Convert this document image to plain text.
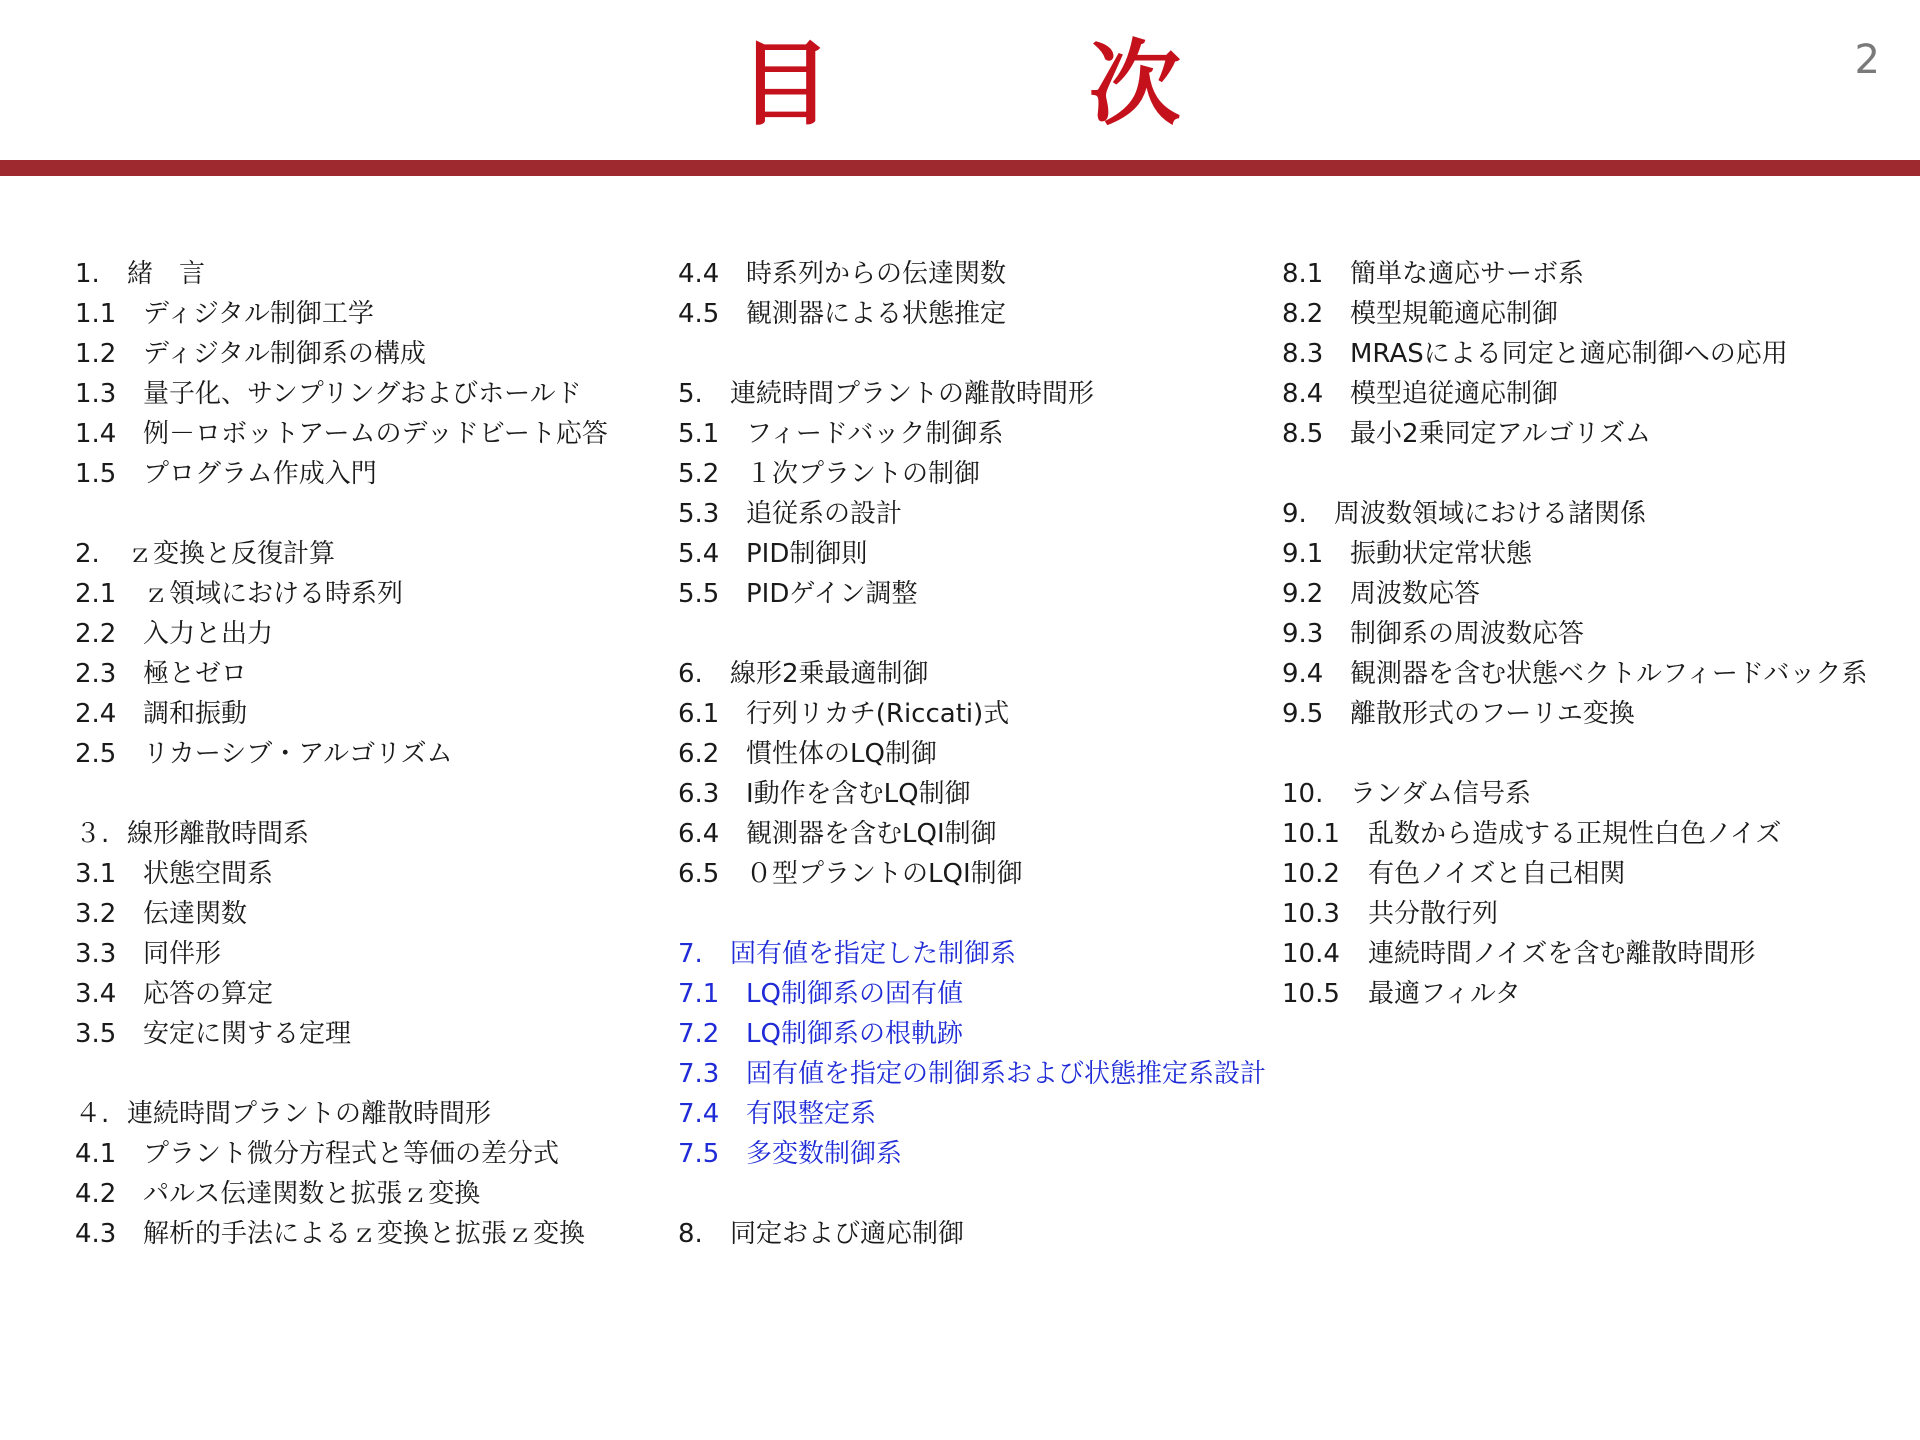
目　次	2
1.	緒　言
1.1	ディジタル制御工学
1.2	ディジタル制御系の構成
1.3	量子化、サンプリングおよびホールド
1.4	例－ロボットアームのデッドビート応答
1.5	プログラム作成入門
2.	ｚ変換と反復計算
2.1	ｚ領域における時系列
2.2	入力と出力
2.3	極とゼロ
2.4	調和振動
2.5	リカーシブ・アルゴリズム
３. 線形離散時間系
3.1	状態空間系
3.2	伝達関数
3.3	同伴形
3.4	応答の算定
3.5	安定に関する定理
４. 連続時間プラントの離散時間形
4.1	プラント微分方程式と等価の差分式
4.2	パルス伝達関数と拡張ｚ変換
4.3	解析的手法によるｚ変換と拡張ｚ変換
4.4	時系列からの伝達関数
4.5	観測器による状態推定
5.	連続時間プラントの離散時間形
5.1	フィードバック制御系
5.2	１次プラントの制御
5.3	追従系の設計
5.4	PID制御則
5.5	PIDゲイン調整
6.	線形2乗最適制御
6.1	行列リカチ(Riccati)式
6.2	慣性体のLQ制御
6.3	I動作を含むLQ制御
6.4	観測器を含むLQI制御
6.5	０型プラントのLQI制御
7.	固有値を指定した制御系
7.1	LQ制御系の固有値
7.2	LQ制御系の根軌跡
7.3	固有値を指定の制御系および状態推定系設計
7.4	有限整定系
7.5	多変数制御系
8.	同定および適応制御
8.1	簡単な適応サーボ系
8.2	模型規範適応制御
8.3	MRASによる同定と適応制御への応用
8.4	模型追従適応制御
8.5	最小2乗同定アルゴリズム
9.	周波数領域における諸関係
9.1	振動状定常状態
9.2	周波数応答
9.3	制御系の周波数応答
9.4	観測器を含む状態ベクトルフィードバック系
9.5	離散形式のフーリエ変換
10.	ランダム信号系
10.1	乱数から造成する正規性白色ノイズ
10.2	有色ノイズと自己相関
10.3	共分散行列
10.4	連続時間ノイズを含む離散時間形
10.5	最適フィルタ
